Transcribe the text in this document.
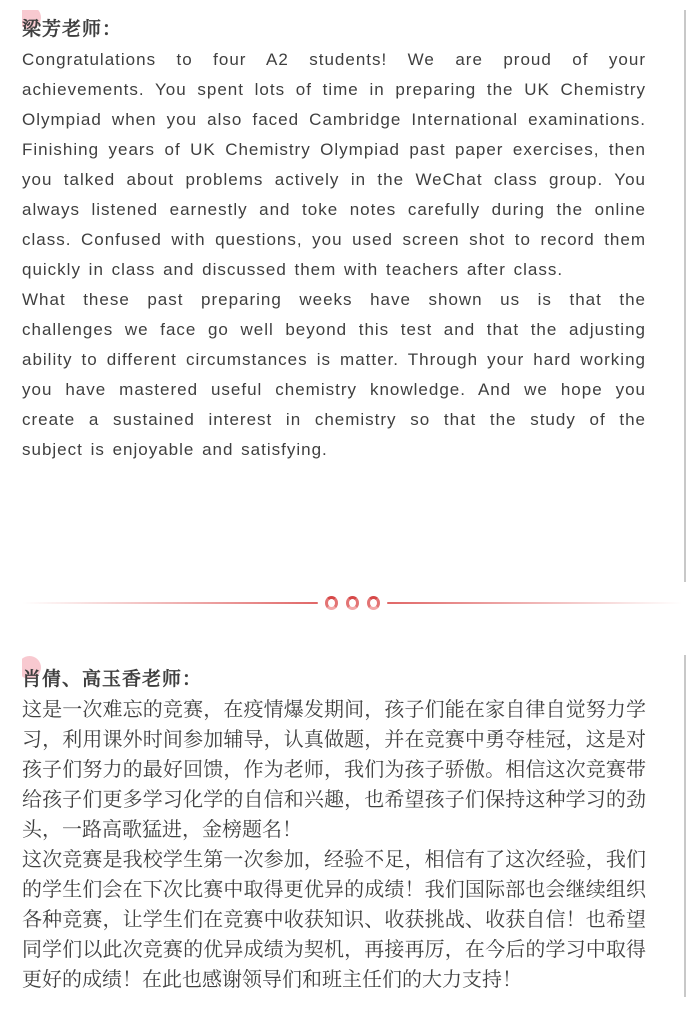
梁芳老师：

Congratulations to four A2 students! We are proud of your achievements. You spent lots of time in preparing the UK Chemistry Olympiad when you also faced Cambridge International examinations. Finishing years of UK Chemistry Olympiad past paper exercises, then you talked about problems actively in the WeChat class group. You always listened earnestly and toke notes carefully during the online class. Confused with questions, you used screen shot to record them quickly in class and discussed them with teachers after class.

What these past preparing weeks have shown us is that the challenges we face go well beyond this test and that the adjusting ability to different circumstances is matter. Through your hard working you have mastered useful chemistry knowledge. And we hope you create a sustained interest in chemistry so that the study of the subject is enjoyable and satisfying.

肖倩、高玉香老师：

这是一次难忘的竞赛，在疫情爆发期间，孩子们能在家自律自觉努力学习，利用课外时间参加辅导，认真做题，并在竞赛中勇夺桂冠，这是对孩子们努力的最好回馈，作为老师，我们为孩子骄傲。相信这次竞赛带给孩子们更多学习化学的自信和兴趣，也希望孩子们保持这种学习的劲头，一路高歌猛进，金榜题名！

这次竞赛是我校学生第一次参加，经验不足，相信有了这次经验，我们的学生们会在下次比赛中取得更优异的成绩！我们国际部也会继续组织各种竞赛，让学生们在竞赛中收获知识、收获挑战、收获自信！也希望同学们以此次竞赛的优异成绩为契机，再接再厉，在今后的学习中取得更好的成绩！在此也感谢领导们和班主任们的大力支持！
